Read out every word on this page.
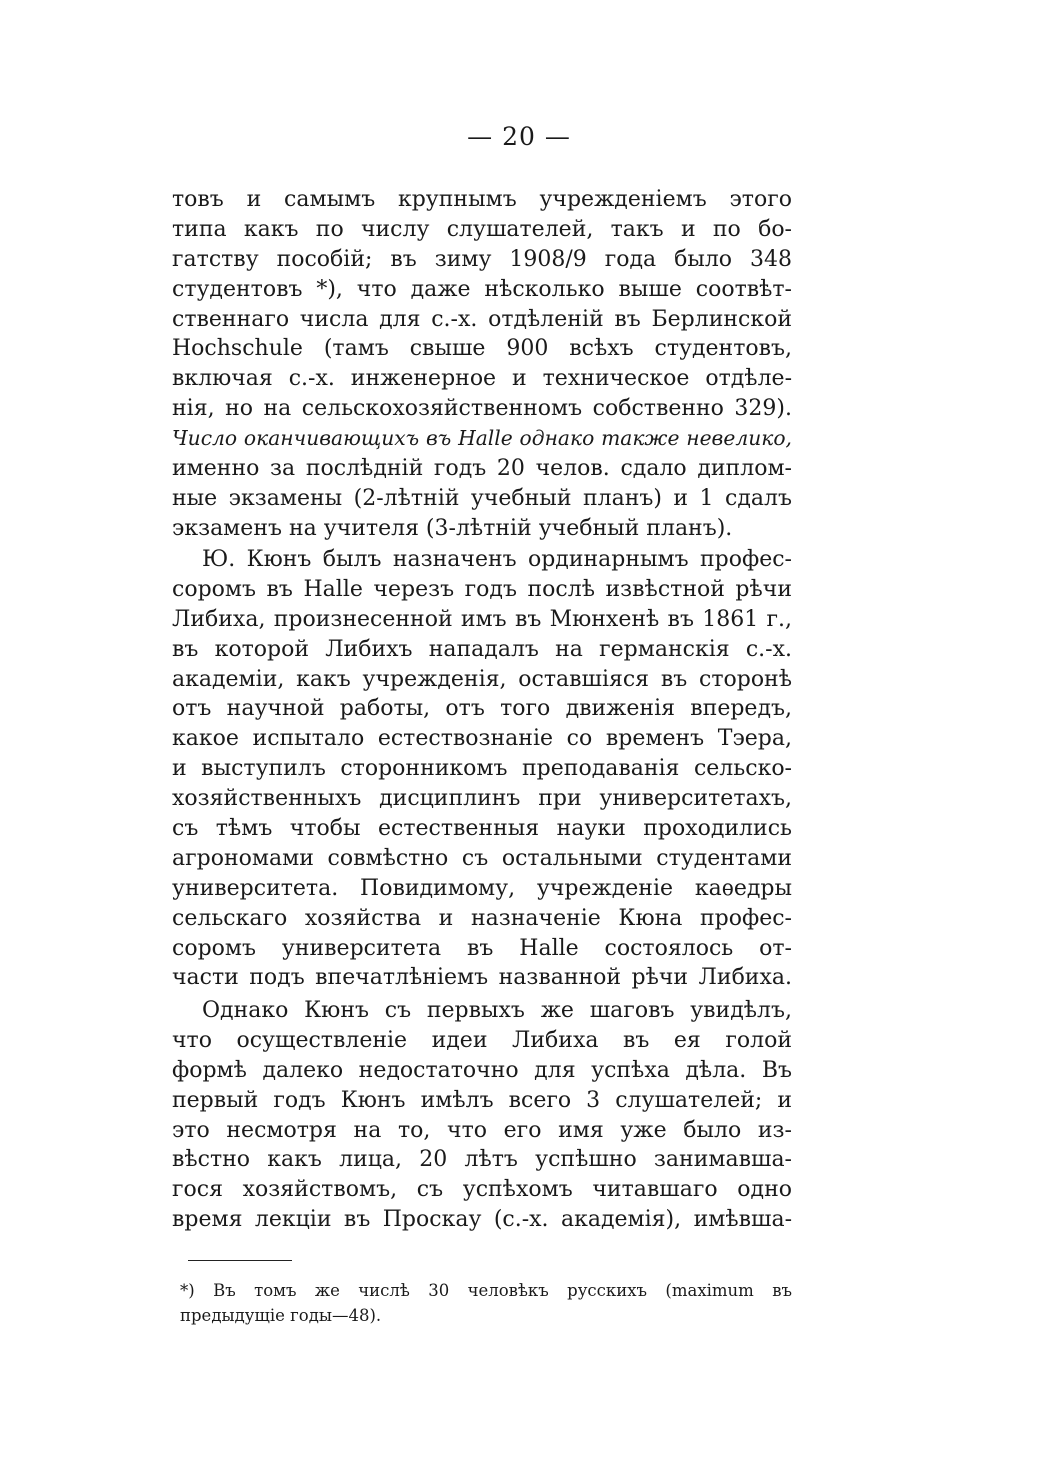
— 20 —
товъ и самымъ крупнымъ учрежденiемъ этого
типа какъ по числу слушателей, такъ и по бо-
гатству пособiй; въ зиму 1908/9 года было 348
студентовъ *), что даже нѣсколько выше соотвѣт-
ственнаго числа для с.-х. отдѣленiй въ Берлинской
Hochschule (тамъ свыше 900 всѣхъ студентовъ,
включая с.-х. инженерное и техническое отдѣле-
нiя, но на сельскохозяйственномъ собственно 329).
Число оканчивающихъ въ Halle однако также невелико,
именно за послѣднiй годъ 20 челов. сдало диплом-
ные экзамены (2-лѣтнiй учебный планъ) и 1 сдалъ
экзаменъ на учителя (3-лѣтнiй учебный планъ).
Ю. Кюнъ былъ назначенъ ординарнымъ профес-
соромъ въ Halle черезъ годъ послѣ извѣстной рѣчи
Либиха, произнесенной имъ въ Мюнхенѣ въ 1861 г.,
въ которой Либихъ нападалъ на германскiя с.-х.
академiи, какъ учрежденiя, оставшiяся въ сторонѣ
отъ научной работы, отъ того движенiя впередъ,
какое испытало естествознанiе со временъ Тэера,
и выступилъ сторонникомъ преподаванiя сельско-
хозяйственныхъ дисциплинъ при университетахъ,
съ тѣмъ чтобы естественныя науки проходились
агрономами совмѣстно съ остальными студентами
университета. Повидимому, учрежденiе каѳедры
сельскаго хозяйства и назначенiе Кюна профес-
соромъ университета въ Halle состоялось от-
части подъ впечатлѣнiемъ названной рѣчи Либиха.
Однако Кюнъ съ первыхъ же шаговъ увидѣлъ,
что осуществленiе идеи Либиха въ ея голой
формѣ далеко недостаточно для успѣха дѣла. Въ
первый годъ Кюнъ имѣлъ всего 3 слушателей; и
это несмотря на то, что его имя уже было из-
вѣстно какъ лица, 20 лѣтъ успѣшно занимавша-
гося хозяйствомъ, съ успѣхомъ читавшаго одно
время лекцiи въ Проскау (с.-х. академiя), имѣвша-
*) Въ томъ же числѣ 30 человѣкъ русскихъ (maximum въ
предыдущiе годы—48).
